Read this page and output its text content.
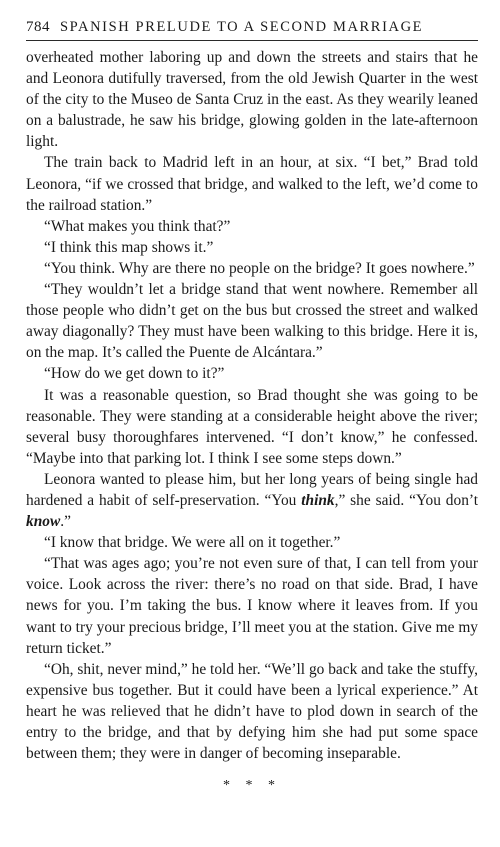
784 SPANISH PRELUDE TO A SECOND MARRIAGE

overheated mother laboring up and down the streets and stairs that he and Leonora dutifully traversed, from the old Jewish Quarter in the west of the city to the Museo de Santa Cruz in the east. As they wearily leaned on a balustrade, he saw his bridge, glowing golden in the late-afternoon light.

The train back to Madrid left in an hour, at six. “I bet,” Brad told Leonora, “if we crossed that bridge, and walked to the left, we’d come to the railroad station.”

“What makes you think that?”

“I think this map shows it.”

“You think. Why are there no people on the bridge? It goes nowhere.”

“They wouldn’t let a bridge stand that went nowhere. Remember all those people who didn’t get on the bus but crossed the street and walked away diagonally? They must have been walking to this bridge. Here it is, on the map. It’s called the Puente de Alcántara.”

“How do we get down to it?”

It was a reasonable question, so Brad thought she was going to be reasonable. They were standing at a considerable height above the river; several busy thoroughfares intervened. “I don’t know,” he confessed. “Maybe into that parking lot. I think I see some steps down.”

Leonora wanted to please him, but her long years of being single had hardened a habit of self-preservation. “You think,” she said. “You don’t know.”

“I know that bridge. We were all on it together.”

“That was ages ago; you’re not even sure of that, I can tell from your voice. Look across the river: there’s no road on that side. Brad, I have news for you. I’m taking the bus. I know where it leaves from. If you want to try your precious bridge, I’ll meet you at the station. Give me my return ticket.”

“Oh, shit, never mind,” he told her. “We’ll go back and take the stuffy, expensive bus together. But it could have been a lyrical experience.” At heart he was relieved that he didn’t have to plod down in search of the entry to the bridge, and that by defying him she had put some space between them; they were in danger of becoming inseparable.

* * *
